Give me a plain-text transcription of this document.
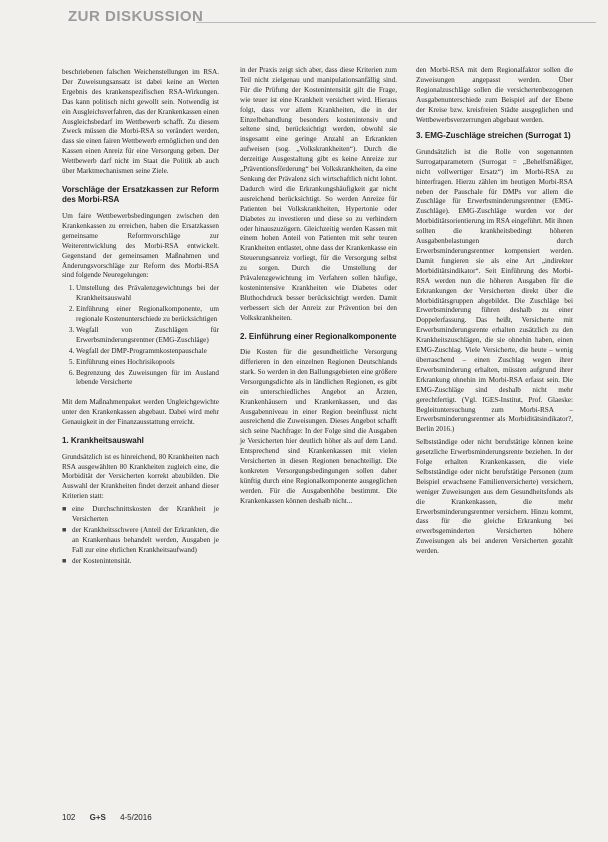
ZUR DISKUSSION

beschriebenen falschen Weichenstellungen im RSA. Der Zuweisungsansatz ist dabei keine an Werten Ergebnis des krankenspezifischen RSA-Wirkungen. Das kann politisch nicht gewollt sein. Notwendig ist ein Ausgleichsverfahren, das der Krankenkassen einen Ausgleichsbedarf im Wettbewerb schafft. Zu diesem Zweck müssen die Morbi-RSA so verändert werden, dass sie einen fairen Wettbewerb ermöglichen und den Kassen einen Anreiz für eine Versorgung geben. Der Wettbewerb darf nicht im Staat die Politik ab auch über Marktmechanismen seine Ziele.

Vorschläge der Ersatzkassen zur Reform des Morbi-RSA

Um faire Wettbewerbsbedingungen zwischen den Krankenkassen zu erreichen, haben die Ersatzkassen gemeinsame Reformvorschläge zur Weiterentwicklung des Morbi-RSA entwickelt. Gegenstand der gemeinsamen Maßnahmen und Änderungsvorschläge zur Reform des Morbi-RSA sind folgende Neuregelungen:

1. Umstellung des Prävalenzgewichtungs bei der Krankheitsauswahl
2. Einführung einer Regionalkomponente, um regionale Kostenunterschiede zu berücksichtigen
3. Wegfall von Zuschlägen für Erwerbsminderungsrentner (EMG-Zuschläge)
4. Wegfall der DMP-Programmkostenpauschale
5. Einführung eines Hochrisikopools
6. Begrenzung des Zuweisungen für im Ausland lebende Versicherte

Mit dem Maßnahmenpaket werden Ungleichgewichte unter den Krankenkassen abgebaut. Dabei wird mehr Genauigkeit in der Finanzausstattung erreicht.

1. Krankheitsauswahl

Grundsätzlich ist es hinreichend, 80 Krankheiten nach RSA ausgewählten 80 Krankheiten zugleich eine, die Morbidität der Versicherten korrekt abzubilden. Die Auswahl der Krankheiten findet derzeit anhand dieser Kriterien statt:

■ eine Durchschnittskosten der Krankheit je Versicherten
■ der Krankheitsschwere (Anteil der Erkrankten, die an Krankenhaus behandelt werden, Ausgaben je Fall zur eine ehrlichen Krankheitsaufwand)
■ der Kostenintensität.

in der Praxis zeigt sich aber, dass diese Kriterien zum Teil nicht zielgenau und manipulationsanfällig sind. Für die Prüfung der Kostenintensität gilt die Frage, wie teuer ist eine Krankheit versichert wird. Hieraus folgt, dass vor allem Krankheiten, die in der Einzelbehandlung besonders kostenintensiv und seltene sind, berücksichtigt werden, obwohl sie insgesamt eine geringe Anzahl an Erkrankten aufweisen (sog. „Volkskrankheiten“). Durch die derzeitige Ausgestaltung gibt es keine Anreize zur „Präventionsförderung“ bei Volkskrankheiten, da eine Senkung der Prävalenz sich wirtschaftlich nicht lohnt. Dadurch wird die Erkrankungshäufigkeit gar nicht ausreichend berücksichtigt. So werden Anreize für Patienten bei Volkskrankheiten, Hypertonie oder Diabetes zu investieren und diese so zu verhindern oder hinauszuzögern. Gleichzeitig werden Kassen mit einem hohen Anteil von Patienten mit sehr teuren Krankheiten entlastet, ohne dass der Krankenkasse ein Steuerungsanreiz vorliegt, für die Versorgung selbst zu sorgen. Durch die Umstellung der Prävalenzgewichtung im Verfahren sollen häufige, kostenintensive Krankheiten wie Diabetes oder Bluthochdruck besser berücksichtigt werden. Damit verbessert sich der Anreiz zur Prävention bei den Volkskrankheiten.

2. Einführung einer Regionalkomponente

Die Kosten für die gesundheitliche Versorgung differieren in den einzelnen Regionen Deutschlands stark. So werden in den Ballungsgebieten eine größere Versorgungsdichte als in ländlichen Regionen, es gibt ein unterschiedliches Angebot an Ärzten, Krankenhäusern und Krankenkassen, und das Ausgabenniveau in einer Region beeinflusst nicht ausreichend die Zuweisungen. Dieses Angebot schafft sich seine Nachfrage: In der Folge sind die Ausgaben je Versicherten hier deutlich höher als auf dem Land. Entsprechend sind Krankenkassen mit vielen Versicherten in diesen Regionen benachteiligt. Die konkreten Versorgungsbedingungen sollen daher künftig durch eine Regionalkomponente ausgeglichen werden. Für die Ausgabenhöhe bestimmt. Die Krankenkassen können deshalb nicht...

den Morbi-RSA mit dem Regionalfaktor sollen die Zuweisungen angepasst werden. Über Regionalzuschläge sollen die versichertenbezogenen Ausgabenunterschiede zum Beispiel auf der Ebene der Kreise bzw. kreisfreien Städte ausgeglichen und Wettbewerbsverzerrungen abgebaut werden.

3. EMG-Zuschläge streichen (Surrogat 1)

Grundsätzlich ist die Rolle von sogenannten Surrogatparametern (Surrogat = „Behelfsmäßiger, nicht vollwertiger Ersatz“) im Morbi-RSA zu hinterfragen. Hierzu zählen im heutigen Morbi-RSA neben der Pauschale für DMPs vor allem die Zuschläge für Erwerbsminderungsrentner (EMG-Zuschläge). EMG-Zuschläge wurden vor der Morbiditätsorientierung im RSA eingeführt. Mit ihnen sollten die krankheitsbedingt höheren Ausgabenbelastungen durch Erwerbsminderungsrentner kompensiert werden. Damit fungieren sie als eine Art „indirekter Morbiditätsindikator“. Seit Einführung des Morbi-RSA werden nun die höheren Ausgaben für die Erkrankungen der Versicherten direkt über die Morbiditätsgruppen abgebildet. Die Zuschläge bei Erwerbsminderung führen deshalb zu einer Doppelerfassung. Das heißt, Versicherte mit Erwerbsminderungsrente erhalten zusätzlich zu den Krankheitszuschlägen, die sie ohnehin haben, einen EMG-Zuschlag. Viele Versicherte, die heute – wenig überraschend – einen Zuschlag wegen ihrer Erwerbsminderung erhalten, müssten aufgrund ihrer Erkrankung ohnehin im Morbi-RSA erfasst sein. Die EMG-Zuschläge sind deshalb nicht mehr gerechtfertigt. (Vgl. IGES-Institut, Prof. Glaeske: Begleituntersuchung zum Morbi-RSA – Erwerbsminderungsrentner als Morbiditätsindikator?, Berlin 2016.)

Selbstständige oder nicht berufstätige können keine gesetzliche Erwerbsminderungsrente beziehen. In der Folge erhalten Krankenkassen, die viele Selbstständige oder nicht berufstätige Personen (zum Beispiel erwachsene Familienversicherte) versichern, weniger Zuweisungen aus dem Gesundheitsfonds als die Krankenkassen, die mehr Erwerbsminderungsrentner versichern. Hinzu kommt, dass für die gleiche Erkrankung bei erwerbsgeminderten Versicherten höhere Zuweisungen als bei anderen Versicherten gezahlt werden.

102 G+S 4-5/2016
